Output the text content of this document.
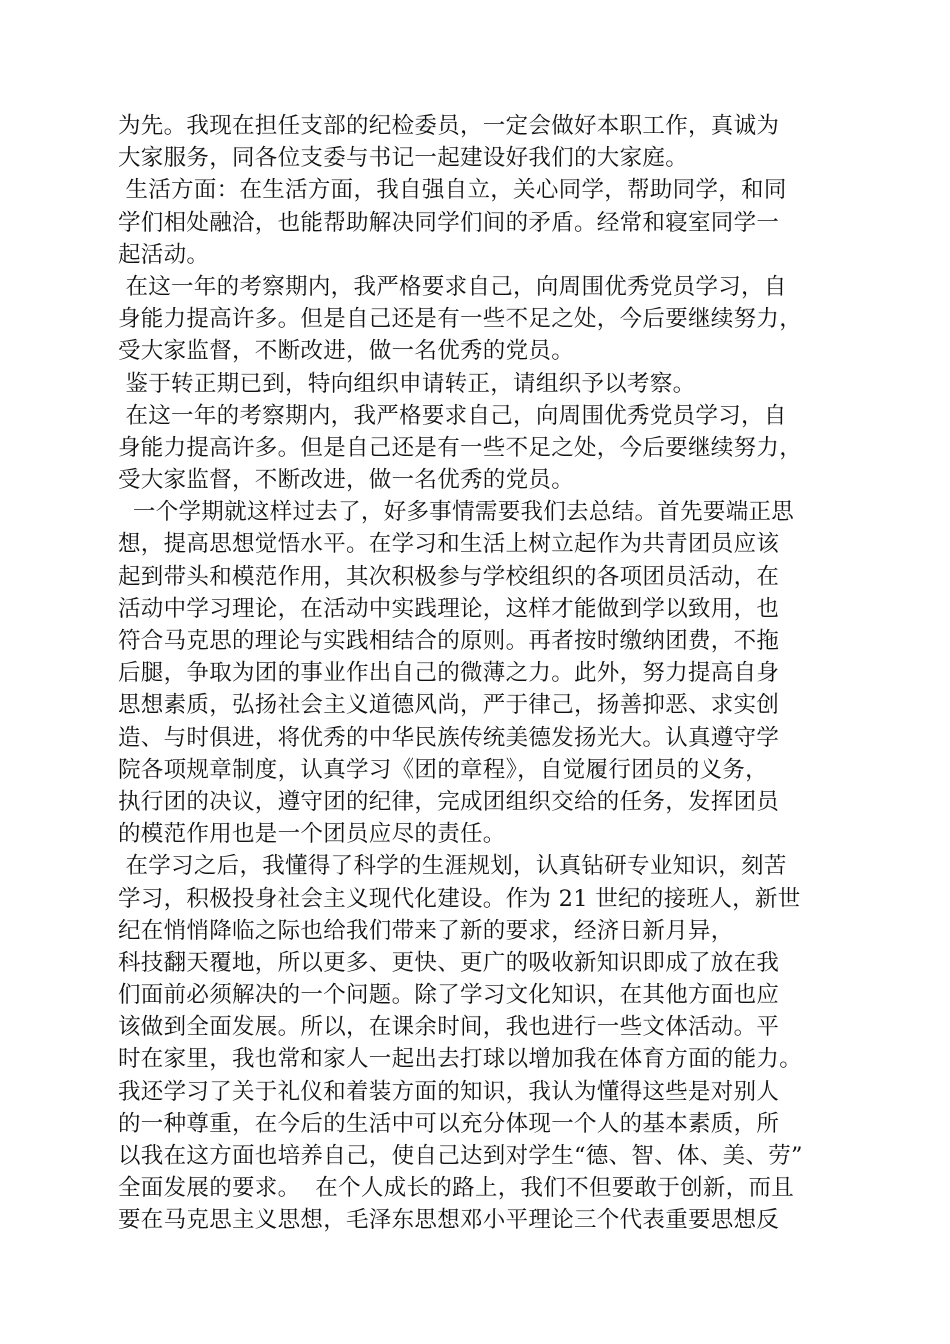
为先。我现在担任支部的纪检委员，一定会做好本职工作，真诚为
大家服务，同各位支委与书记一起建设好我们的大家庭。
生活方面：在生活方面，我自强自立，关心同学，帮助同学，和同
学们相处融洽，也能帮助解决同学们间的矛盾。经常和寝室同学一
起活动。
在这一年的考察期内，我严格要求自己，向周围优秀党员学习，自
身能力提高许多。但是自己还是有一些不足之处，今后要继续努力，
受大家监督，不断改进，做一名优秀的党员。
鉴于转正期已到，特向组织申请转正，请组织予以考察。
在这一年的考察期内，我严格要求自己，向周围优秀党员学习，自
身能力提高许多。但是自己还是有一些不足之处，今后要继续努力，
受大家监督，不断改进，做一名优秀的党员。
一个学期就这样过去了，好多事情需要我们去总结。首先要端正思
想，提高思想觉悟水平。在学习和生活上树立起作为共青团员应该
起到带头和模范作用，其次积极参与学校组织的各项团员活动，在
活动中学习理论，在活动中实践理论，这样才能做到学以致用，也
符合马克思的理论与实践相结合的原则。再者按时缴纳团费，不拖
后腿，争取为团的事业作出自己的微薄之力。此外，努力提高自身
思想素质，弘扬社会主义道德风尚，严于律己，扬善抑恶、求实创
造、与时俱进，将优秀的中华民族传统美德发扬光大。认真遵守学
院各项规章制度，认真学习《团的章程》，自觉履行团员的义务，
执行团的决议，遵守团的纪律，完成团组织交给的任务，发挥团员
的模范作用也是一个团员应尽的责任。
在学习之后，我懂得了科学的生涯规划，认真钻研专业知识，刻苦
学习，积极投身社会主义现代化建设。作为 21 世纪的接班人，新世
纪在悄悄降临之际也给我们带来了新的要求，经济日新月异，
科技翻天覆地，所以更多、更快、更广的吸收新知识即成了放在我
们面前必须解决的一个问题。除了学习文化知识，在其他方面也应
该做到全面发展。所以，在课余时间，我也进行一些文体活动。平
时在家里，我也常和家人一起出去打球以增加我在体育方面的能力。
我还学习了关于礼仪和着装方面的知识，我认为懂得这些是对别人
的一种尊重，在今后的生活中可以充分体现一个人的基本素质，所
以我在这方面也培养自己，使自己达到对学生“德、智、体、美、劳”
全面发展的要求。  在个人成长的路上，我们不但要敢于创新，而且
要在马克思主义思想，毛泽东思想邓小平理论三个代表重要思想反
